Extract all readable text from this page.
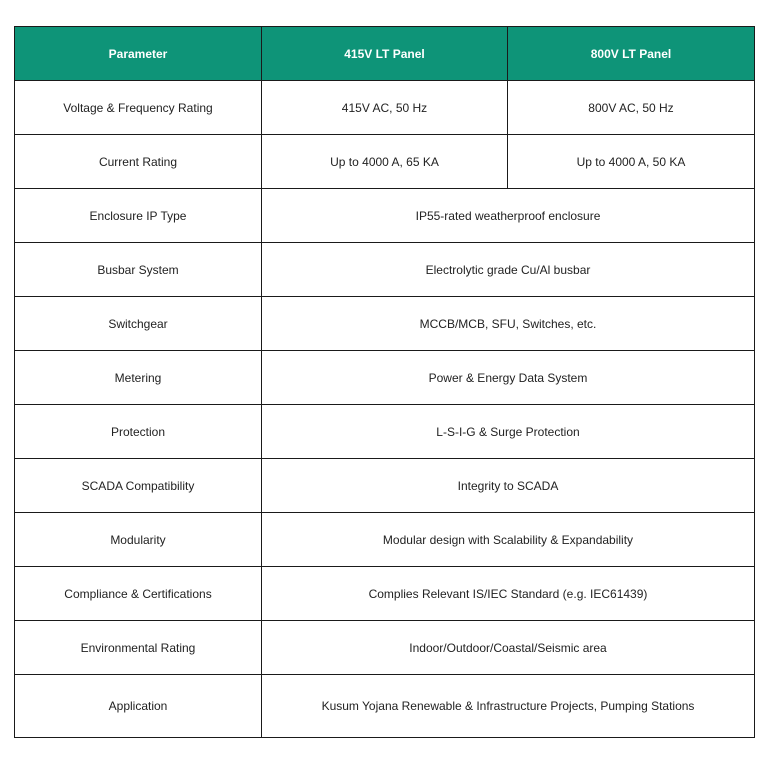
Parameter	415V LT Panel	800V LT Panel
Voltage & Frequency Rating	415V AC, 50 Hz	800V AC, 50 Hz
Current Rating	Up to 4000 A, 65 KA	Up to 4000 A, 50 KA
Enclosure IP Type	IP55-rated weatherproof enclosure	
Busbar System	Electrolytic grade Cu/Al busbar	
Switchgear	MCCB/MCB, SFU, Switches, etc.	
Metering	Power & Energy Data System	
Protection	L-S-I-G & Surge Protection	
SCADA Compatibility	Integrity to SCADA	
Modularity	Modular design with Scalability & Expandability	
Compliance & Certifications	Complies Relevant IS/IEC Standard (e.g. IEC61439)	
Environmental Rating	Indoor/Outdoor/Coastal/Seismic area	
Application	Kusum Yojana Renewable & Infrastructure Projects, Pumping Stations	
